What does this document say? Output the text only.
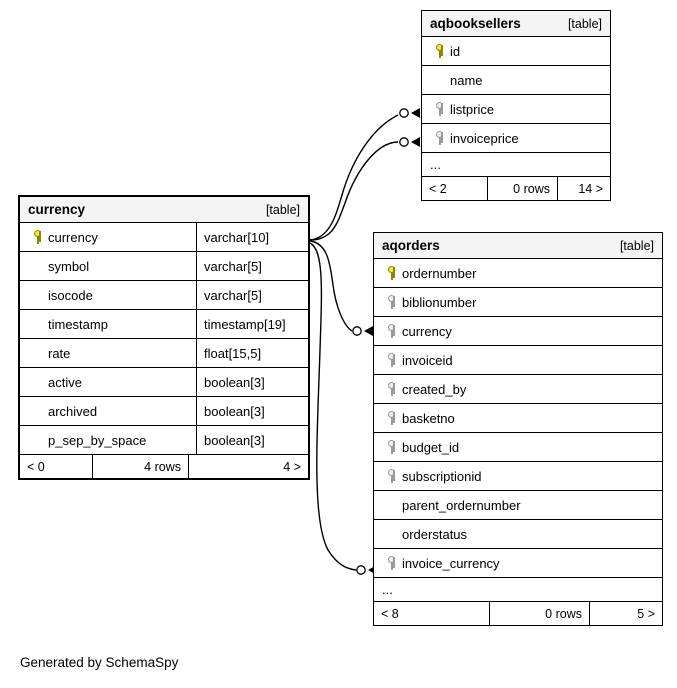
aqbooksellers	[table]
id
name
listprice
invoiceprice
...
< 2	0 rows	14 >
currency	[table]
currency	varchar[10]
symbol	varchar[5]
isocode	varchar[5]
timestamp	timestamp[19]
rate	float[15,5]
active	boolean[3]
archived	boolean[3]
p_sep_by_space	boolean[3]
< 0	4 rows	4 >
aqorders	[table]
ordernumber
biblionumber
currency
invoiceid
created_by
basketno
budget_id
subscriptionid
parent_ordernumber
orderstatus
invoice_currency
...
< 8	0 rows	5 >
Generated by SchemaSpy
